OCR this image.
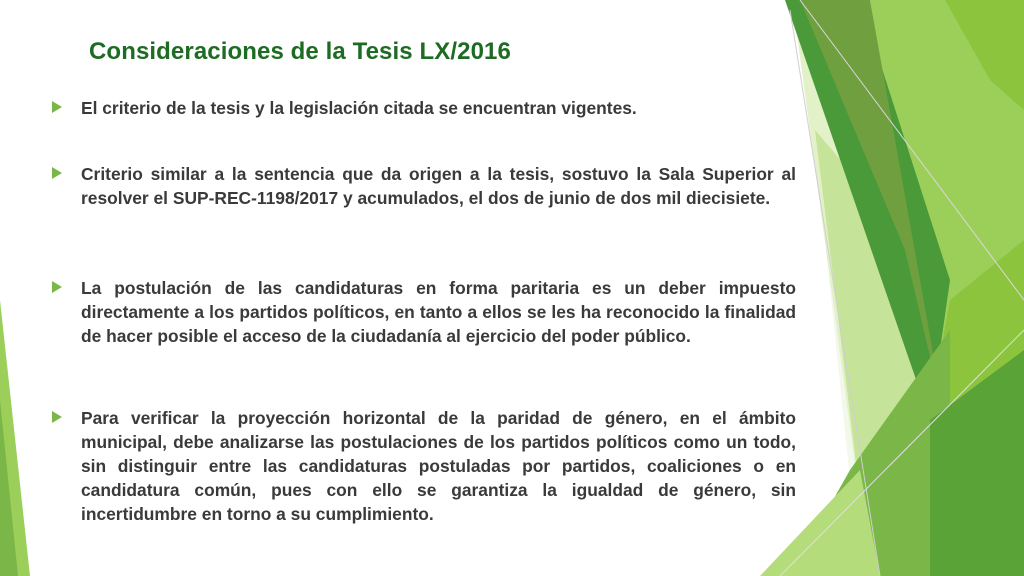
Consideraciones de la Tesis LX/2016

El criterio de la tesis y la legislación citada se encuentran vigentes.

Criterio similar a la sentencia que da origen a la tesis, sostuvo la Sala Superior al resolver el SUP-REC-1198/2017 y acumulados, el dos de junio de dos mil diecisiete.

La postulación de las candidaturas en forma paritaria es un deber impuesto directamente a los partidos políticos, en tanto a ellos se les ha reconocido la finalidad de hacer posible el acceso de la ciudadanía al ejercicio del poder público.

Para verificar la proyección horizontal de la paridad de género, en el ámbito municipal, debe analizarse las postulaciones de los partidos políticos como un todo, sin distinguir entre las candidaturas postuladas por partidos, coaliciones o en candidatura común, pues con ello se garantiza la igualdad de género, sin incertidumbre en torno a su cumplimiento.
